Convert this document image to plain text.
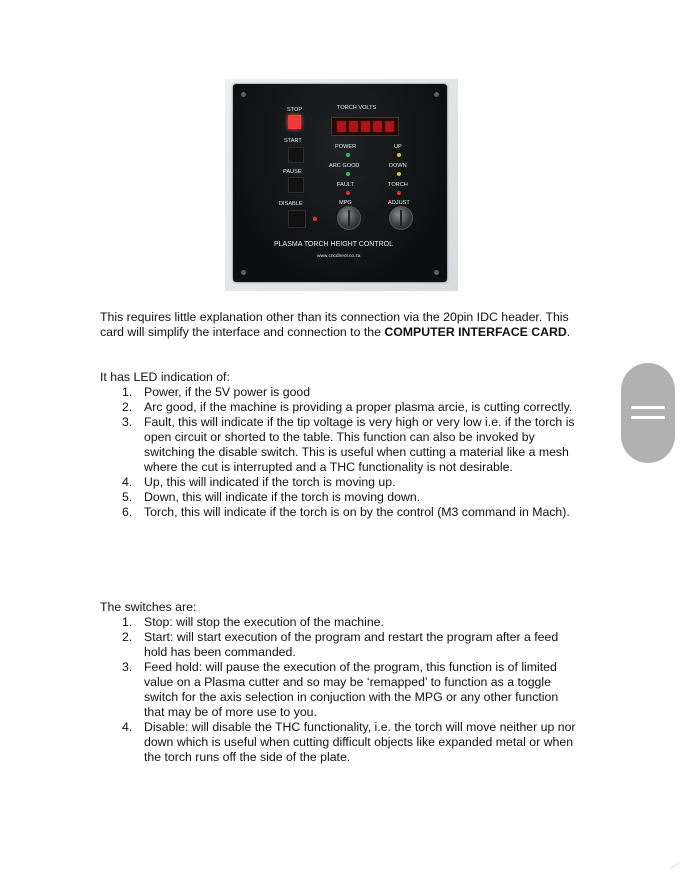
STOP	TORCH VOLTS
START
PAUSE
DISABLE
POWER	UP
ARC GOOD	DOWN
FAULT	TORCH
MPG	ADJUST
PLASMA TORCH HEIGHT CONTROL
www.cncdirect.co.za

This requires little explanation other than its connection via the 20pin IDC header. This card will simplify the interface and connection to the COMPUTER INTERFACE CARD.

It has LED indication of:

1. Power, if the 5V power is good
2. Arc good, if the machine is providing a proper plasma arcie, is cutting correctly.
3. Fault, this will indicate if the tip voltage is very high or very low i.e. if the torch is open circuit or shorted to the table. This function can also be invoked by switching the disable switch. This is useful when cutting a material like a mesh where the cut is interrupted and a THC functionality is not desirable.
4. Up, this will indicated if the torch is moving up.
5. Down, this will indicate if the torch is moving down.
6. Torch, this will indicate if the torch is on by the control (M3 command in Mach).

The switches are:

1. Stop: will stop the execution of the machine.
2. Start: will start execution of the program and restart the program after a feed hold has been commanded.
3. Feed hold: will pause the execution of the program, this function is of limited value on a Plasma cutter and so may be ‘remapped’ to function as a toggle switch for the axis selection in conjuction with the MPG or any other function that may be of more use to you.
4. Disable: will disable the THC functionality, i.e. the torch will move neither up nor down which is useful when cutting difficult objects like expanded metal or when the torch runs off the side of the plate.
